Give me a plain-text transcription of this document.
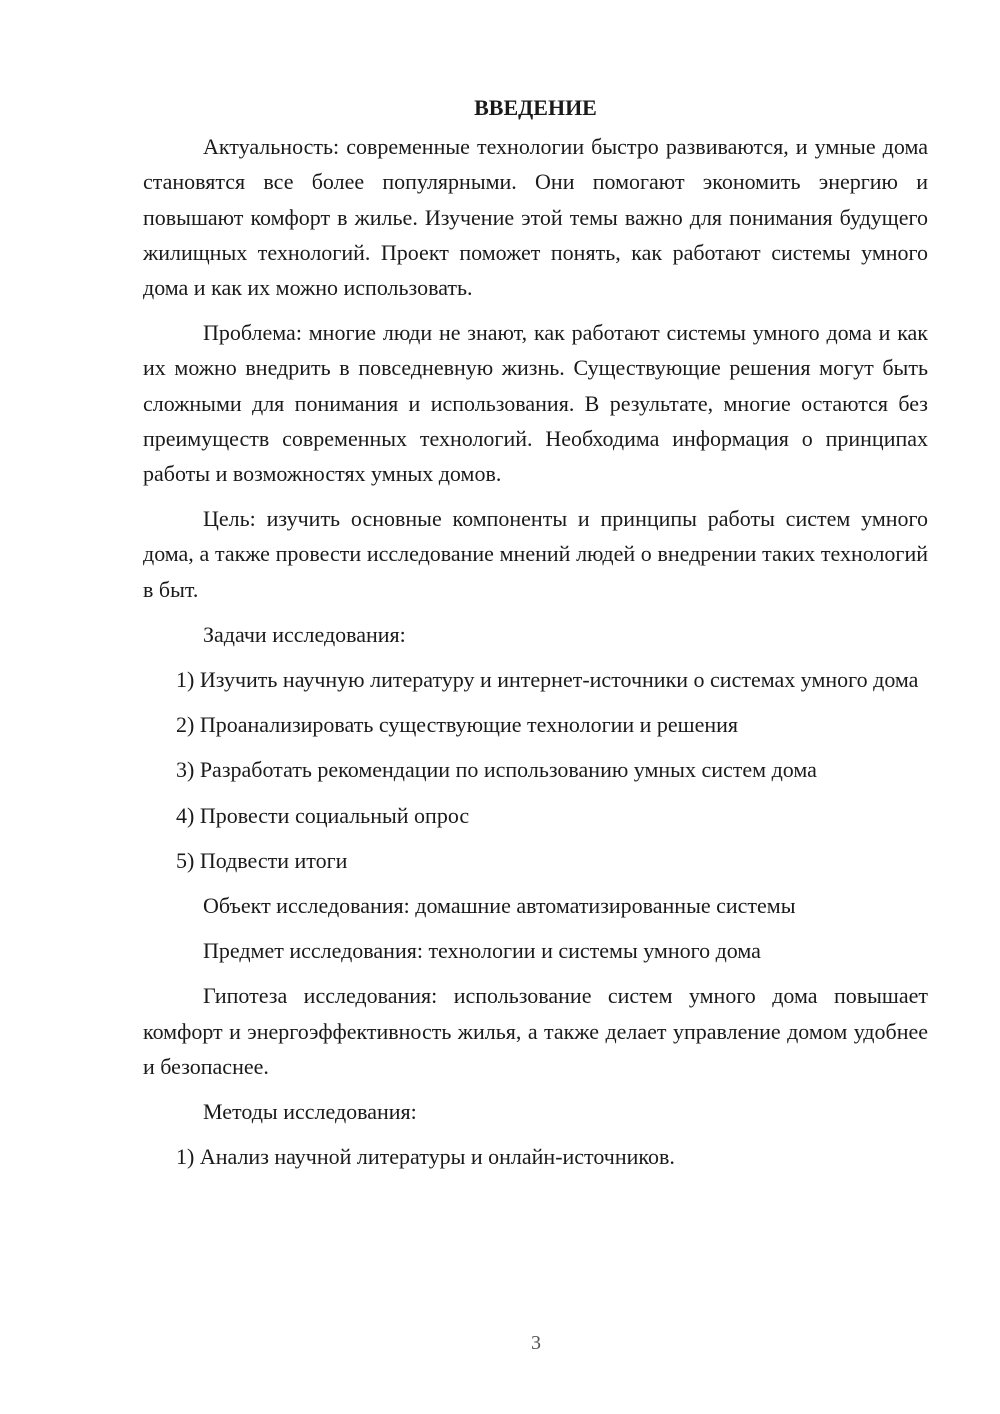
ВВЕДЕНИЕ

Актуальность: современные технологии быстро развиваются, и умные дома становятся все более популярными. Они помогают экономить энергию и повышают комфорт в жилье. Изучение этой темы важно для понимания будущего жилищных технологий. Проект поможет понять, как работают системы умного дома и как их можно использовать.

Проблема: многие люди не знают, как работают системы умного дома и как их можно внедрить в повседневную жизнь. Существующие решения могут быть сложными для понимания и использования. В результате, многие остаются без преимуществ современных технологий. Необходима информация о принципах работы и возможностях умных домов.

Цель: изучить основные компоненты и принципы работы систем умного дома, а также провести исследование мнений людей о внедрении таких технологий в быт.

Задачи исследования:

1) Изучить научную литературу и интернет-источники о системах умного дома

2) Проанализировать существующие технологии и решения

3) Разработать рекомендации по использованию умных систем дома

4) Провести социальный опрос

5) Подвести итоги

Объект исследования: домашние автоматизированные системы

Предмет исследования: технологии и системы умного дома

Гипотеза исследования: использование систем умного дома повышает комфорт и энергоэффективность жилья, а также делает управление домом удобнее и безопаснее.

Методы исследования:

1) Анализ научной литературы и онлайн-источников.

3
